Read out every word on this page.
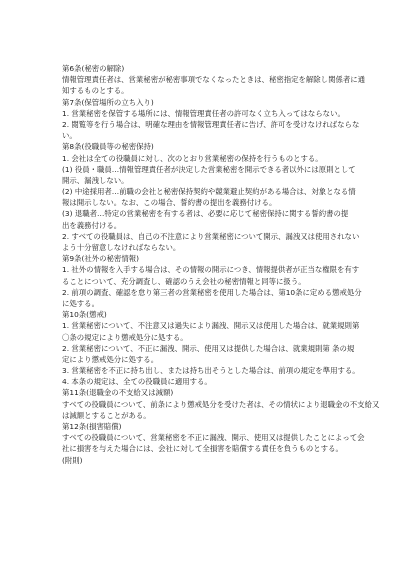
第6条(秘密の解除)
情報管理責任者は、営業秘密が秘密事項でなくなったときは、秘密指定を解除し関係者に通
知するものとする。
第7条(保管場所の立ち入り)
1. 営業秘密を保管する場所には、情報管理責任者の許可なく立ち入ってはならない。
2. 閲覧等を行う場合は、明確な理由を情報管理責任者に告げ、許可を受けなければならな
い。
第8条(役職員等の秘密保持)
1. 会社は全ての役職員に対し、次のとおり営業秘密の保持を行うものとする。
(1) 役員・職員…情報管理責任者が決定した営業秘密を開示できる者以外には原則として
開示、漏洩しない。
(2) 中途採用者…前職の会社と秘密保持契約や競業避止契約がある場合は、対象となる情
報は開示しない。なお、この場合、誓約書の提出を義務付ける。
(3) 退職者…特定の営業秘密を有する者は、必要に応じて秘密保持に関する誓約書の提
出を義務付ける。
2. すべての役職員は、自己の不注意により営業秘密について開示、漏洩又は使用されない
よう十分留意しなければならない。
第9条(社外の秘密情報)
1. 社外の情報を入手する場合は、その情報の開示につき、情報提供者が正当な権限を有す
ることについて、充分調査し、確認のうえ会社の秘密情報と同等に扱う。
2. 前項の調査、確認を怠り第三者の営業秘密を使用した場合は、第10条に定める懲戒処分
に処する。
第10条(懲戒)
1. 営業秘密について、不注意又は過失により漏洩、開示又は使用した場合は、就業規則第
〇条の規定により懲戒処分に処する。
2. 営業秘密について、不正に漏洩、開示、使用又は提供した場合は、就業規則第 条の規
定により懲戒処分に処する。
3. 営業秘密を不正に持ち出し、または持ち出そうとした場合は、前項の規定を準用する。
4. 本条の規定は、全ての役職員に適用する。
第11条(退職金の不支給又は減額)
すべての役職員について、前条により懲戒処分を受けた者は、その情状により退職金の不支給又
は減額とすることがある。
第12条(損害賠償)
すべての役職員について、営業秘密を不正に漏洩、開示、使用又は提供したことによって会
社に損害を与えた場合には、会社に対して全損害を賠償する責任を負うものとする。
(附則)
